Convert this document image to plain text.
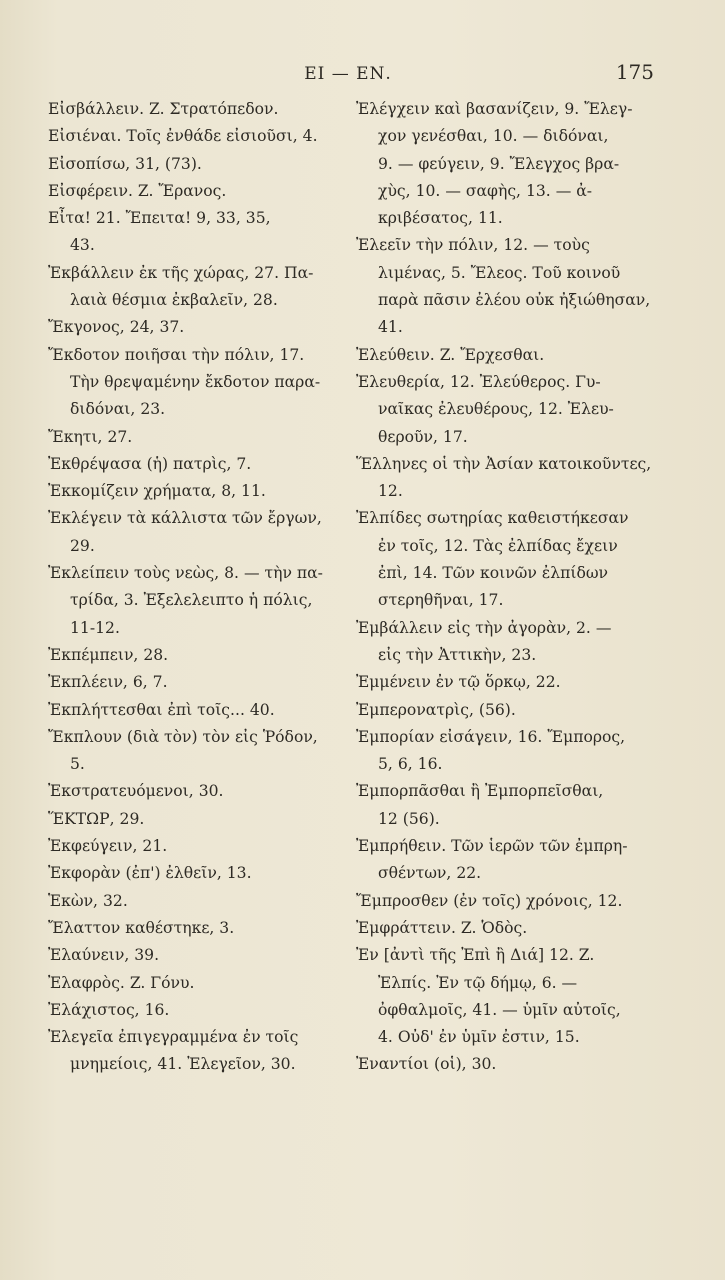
ΕΙ — ΕΝ.	175
Εἰσβάλλειν. Z. Στρατόπεδον.
Εἰσιέναι. Τοῖς ἐνθάδε εἰσιοῦσι, 4.
Εἰσοπίσω, 31, (73).
Εἰσφέρειν. Z. Ἔρανος.
Εἶτα! 21. Ἔπειτα! 9, 33, 35,
43.
Ἐκβάλλειν ἐκ τῆς χώρας, 27. Πα-
λαιὰ θέσμια ἐκβαλεῖν, 28.
Ἔκγονος, 24, 37.
Ἔκδοτον ποιῆσαι τὴν πόλιν, 17.
Τὴν θρεψαμένην ἔκδοτον παρα-
διδόναι, 23.
Ἔκητι, 27.
Ἐκθρέψασα (ἡ) πατρὶς, 7.
Ἐκκομίζειν χρήματα, 8, 11.
Ἐκλέγειν τὰ κάλλιστα τῶν ἔργων,
29.
Ἐκλείπειν τοὺς νεὼς, 8. — τὴν πα-
τρίδα, 3. Ἐξελελειπτο ἡ πόλις,
11-12.
Ἐκπέμπειν, 28.
Ἐκπλέειν, 6, 7.
Ἐκπλήττεσθαι ἐπὶ τοῖς... 40.
Ἔκπλουν (διὰ τὸν) τὸν εἰς Ῥόδον,
5.
Ἐκστρατευόμενοι, 30.
ἝΚΤΩΡ, 29.
Ἐκφεύγειν, 21.
Ἐκφορὰν (ἐπ') ἐλθεῖν, 13.
Ἑκὼν, 32.
Ἔλαττον καθέστηκε, 3.
Ἐλαύνειν, 39.
Ἐλαφρὸς. Z. Γόνυ.
Ἐλάχιστος, 16.
Ἐλεγεῖα ἐπιγεγραμμένα ἐν τοῖς
μνημείοις, 41. Ἐλεγεῖον, 30.
Ἐλέγχειν καὶ βασανίζειν, 9. Ἔλεγ-
χον γενέσθαι, 10. — διδόναι,
9. — φεύγειν, 9. Ἔλεγχος βρα-
χὺς, 10. — σαφὴς, 13. — ἀ-
κριβέσατος, 11.
Ἐλεεῖν τὴν πόλιν, 12. — τοὺς
λιμένας, 5. Ἔλεος. Τοῦ κοινοῦ
παρὰ πᾶσιν ἐλέου οὐκ ἠξιώθησαν,
41.
Ἐλεύθειν. Z. Ἔρχεσθαι.
Ἐλευθερία, 12. Ἐλεύθερος. Γυ-
ναῖκας ἐλευθέρους, 12. Ἐλευ-
θεροῦν, 17.
Ἕλληνες οἱ τὴν Ἀσίαν κατοικοῦντες,
12.
Ἐλπίδες σωτηρίας καθειστήκεσαν
ἐν τοῖς, 12. Τὰς ἐλπίδας ἔχειν
ἐπὶ, 14. Τῶν κοινῶν ἐλπίδων
στερηθῆναι, 17.
Ἐμβάλλειν εἰς τὴν ἀγορὰν, 2. —
εἰς τὴν Ἀττικὴν, 23.
Ἐμμένειν ἐν τῷ ὅρκῳ, 22.
Ἐμπερονατρὶς, (56).
Ἐμπορίαν εἰσάγειν, 16. Ἔμπορος,
5, 6, 16.
Ἐμπορπᾶσθαι ἢ Ἐμπορπεῖσθαι,
12 (56).
Ἐμπρήθειν. Τῶν ἱερῶν τῶν ἐμπρη-
σθέντων, 22.
Ἔμπροσθεν (ἐν τοῖς) χρόνοις, 12.
Ἐμφράττειν. Z. Ὁδὸς.
Ἐν [ἀντὶ τῆς Ἐπὶ ἢ Διά] 12. Z.
Ἐλπίς. Ἐν τῷ δήμῳ, 6. —
ὀφθαλμοῖς, 41. — ὑμῖν αὐτοῖς,
4. Οὐδ' ἐν ὑμῖν ἐστιν, 15.
Ἐναντίοι (οἱ), 30.
